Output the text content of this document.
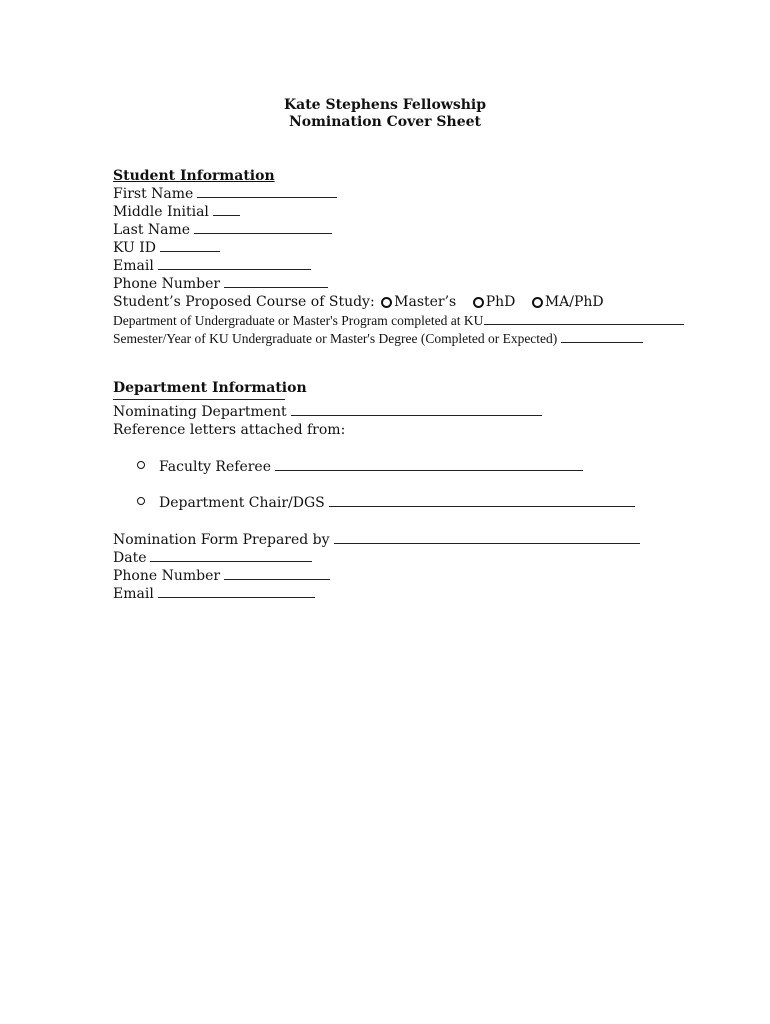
Kate Stephens Fellowship
Nomination Cover Sheet
Student Information
First Name
Middle Initial
Last Name
KU ID
Email
Phone Number
Student’s Proposed Course of Study: Master’s PhD MA/PhD
Department of Undergraduate or Master's Program completed at KU
Semester/Year of KU Undergraduate or Master's Degree (Completed or Expected)
Department Information
Nominating Department
Reference letters attached from:
Faculty Referee
Department Chair/DGS
Nomination Form Prepared by
Date
Phone Number
Email
